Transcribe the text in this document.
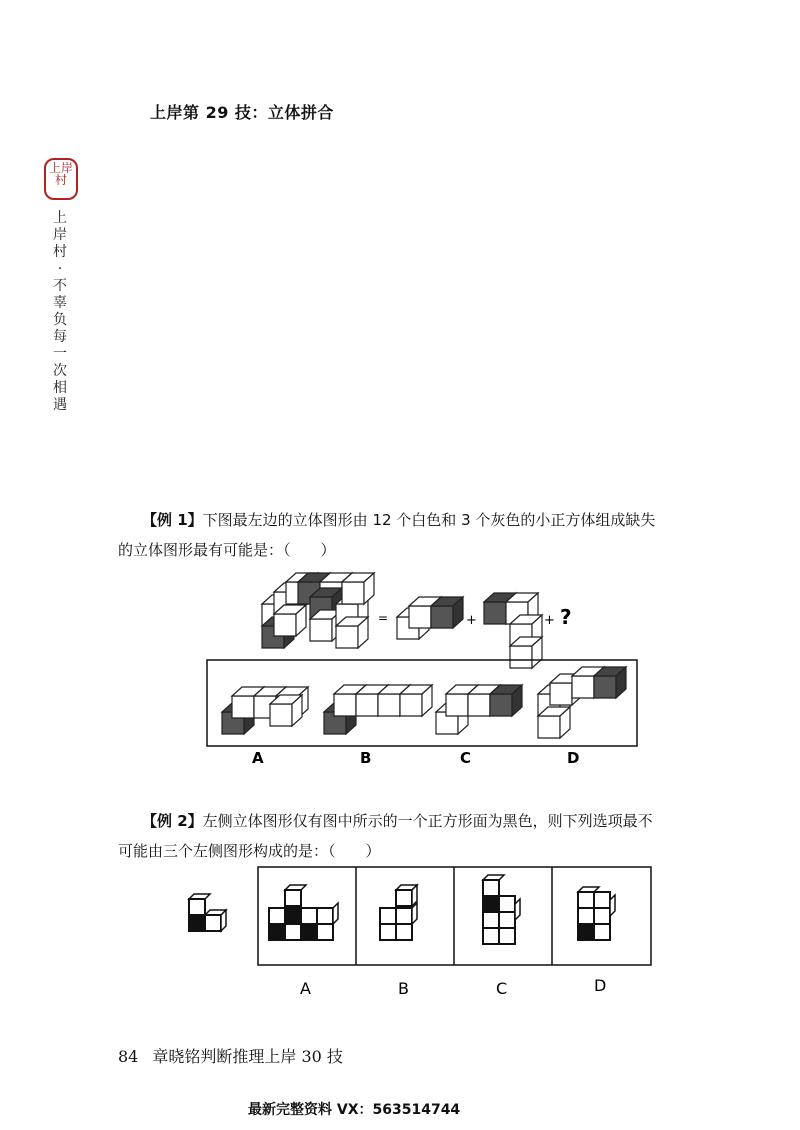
上岸第 29 技：立体拼合
上岸
村
上岸村·不辜负每一次相遇
【例 1】下图最左边的立体图形由 12 个白色和 3 个灰色的小正方体组成缺失
的立体图形最有可能是：（　　）
=	+	+ ?
A	B	C	D
【例 2】左侧立体图形仅有图中所示的一个正方形面为黑色，则下列选项最不
可能由三个左侧图形构成的是：（　　）
A	B	C	D
84 章晓铭判断推理上岸 30 技
最新完整资料 VX：563514744
